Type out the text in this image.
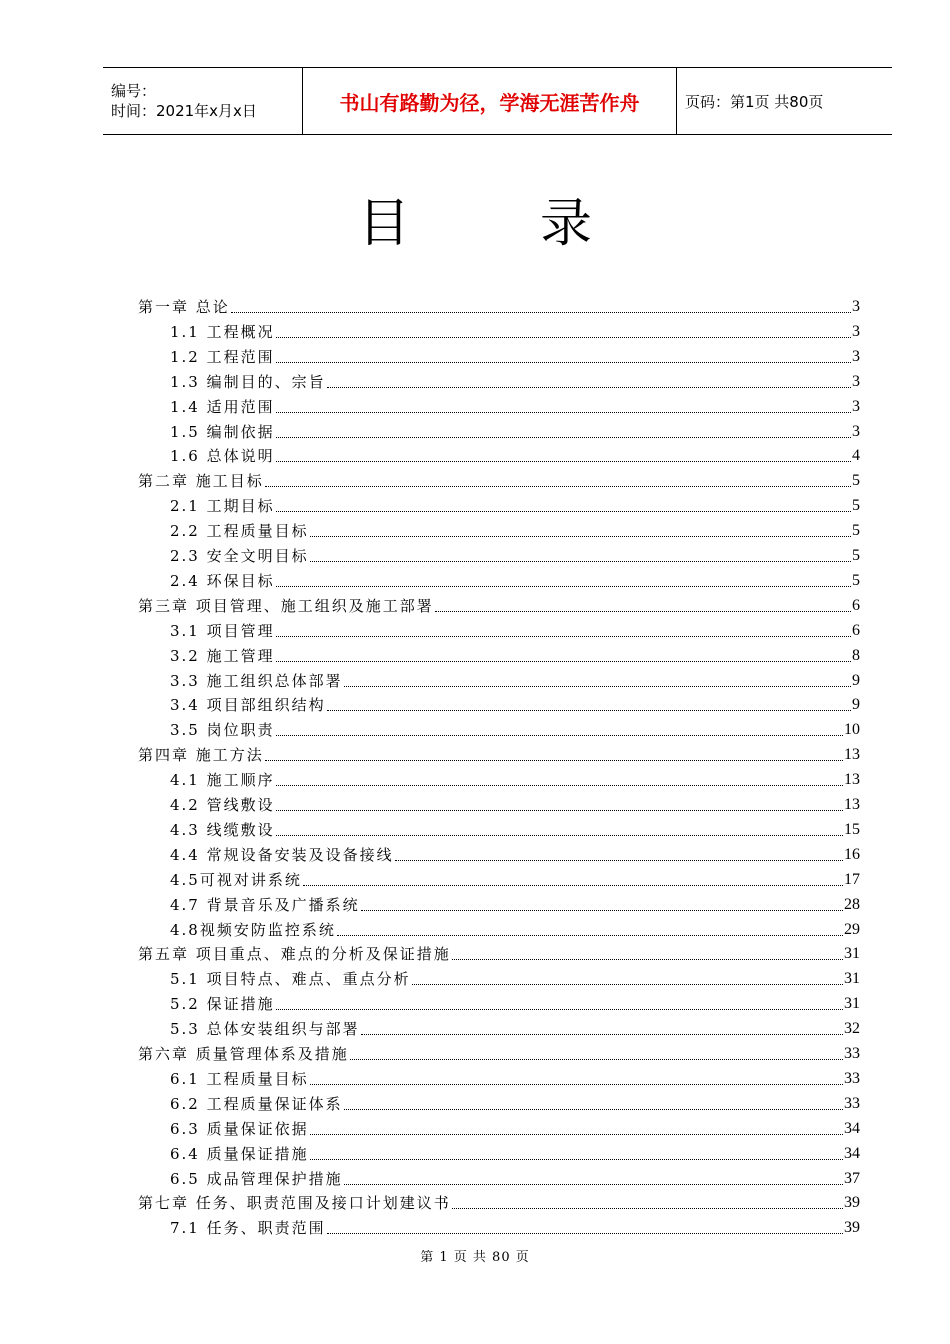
编号：
时间：2021年x月x日	书山有路勤为径，学海无涯苦作舟	页码：第1页 共80页
目录
第一章 总论	3
1.1 工程概况	3
1.2 工程范围	3
1.3 编制目的、宗旨	3
1.4 适用范围	3
1.5 编制依据	3
1.6 总体说明	4
第二章 施工目标	5
2.1 工期目标	5
2.2 工程质量目标	5
2.3 安全文明目标	5
2.4 环保目标	5
第三章 项目管理、施工组织及施工部署	6
3.1 项目管理	6
3.2 施工管理	8
3.3 施工组织总体部署	9
3.4 项目部组织结构	9
3.5 岗位职责	10
第四章 施工方法	13
4.1 施工顺序	13
4.2 管线敷设	13
4.3 线缆敷设	15
4.4 常规设备安装及设备接线	16
4.5可视对讲系统	17
4.7 背景音乐及广播系统	28
4.8视频安防监控系统	29
第五章 项目重点、难点的分析及保证措施	31
5.1 项目特点、难点、重点分析	31
5.2 保证措施	31
5.3 总体安装组织与部署	32
第六章 质量管理体系及措施	33
6.1 工程质量目标	33
6.2 工程质量保证体系	33
6.3 质量保证依据	34
6.4 质量保证措施	34
6.5 成品管理保护措施	37
第七章 任务、职责范围及接口计划建议书	39
7.1 任务、职责范围	39
第 1 页 共 80 页
